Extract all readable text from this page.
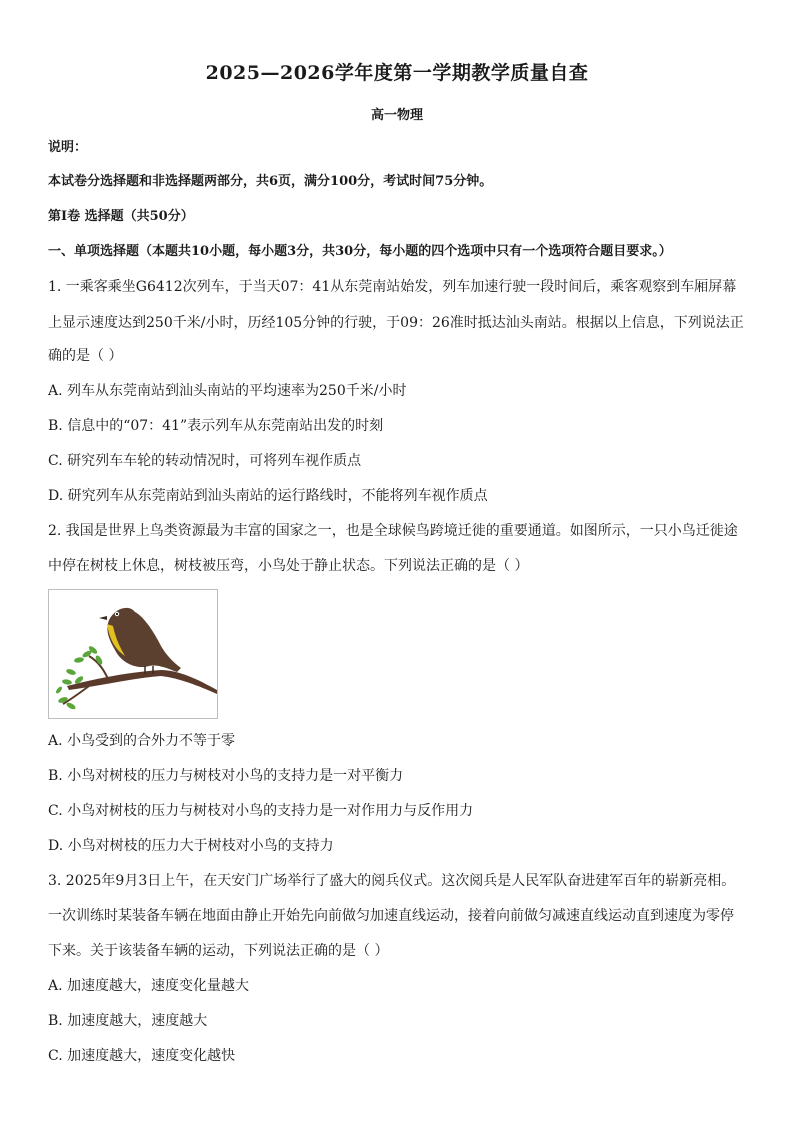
2025—2026学年度第一学期教学质量自查
高一物理
说明：
本试卷分选择题和非选择题两部分，共6页，满分100分，考试时间75分钟。
第Ⅰ卷 选择题（共50分）
一、单项选择题（本题共10小题，每小题3分，共30分，每小题的四个选项中只有一个选项符合题目要求。）
1. 一乘客乘坐G6412次列车，于当天07：41从东莞南站始发，列车加速行驶一段时间后，乘客观察到车厢屏幕
上显示速度达到250千米/小时，历经105分钟的行驶，于09：26准时抵达汕头南站。根据以上信息，下列说法正
确的是（ ）
A. 列车从东莞南站到汕头南站的平均速率为250千米/小时
B. 信息中的“07：41”表示列车从东莞南站出发的时刻
C. 研究列车车轮的转动情况时，可将列车视作质点
D. 研究列车从东莞南站到汕头南站的运行路线时，不能将列车视作质点
2. 我国是世界上鸟类资源最为丰富的国家之一，也是全球候鸟跨境迁徙的重要通道。如图所示，一只小鸟迁徙途
中停在树枝上休息，树枝被压弯，小鸟处于静止状态。下列说法正确的是（ ）
A. 小鸟受到的合外力不等于零
B. 小鸟对树枝的压力与树枝对小鸟的支持力是一对平衡力
C. 小鸟对树枝的压力与树枝对小鸟的支持力是一对作用力与反作用力
D. 小鸟对树枝的压力大于树枝对小鸟的支持力
3. 2025年9月3日上午，在天安门广场举行了盛大的阅兵仪式。这次阅兵是人民军队奋进建军百年的崭新亮相。
一次训练时某装备车辆在地面由静止开始先向前做匀加速直线运动，接着向前做匀减速直线运动直到速度为零停
下来。关于该装备车辆的运动，下列说法正确的是（ ）
A. 加速度越大，速度变化量越大
B. 加速度越大，速度越大
C. 加速度越大，速度变化越快
